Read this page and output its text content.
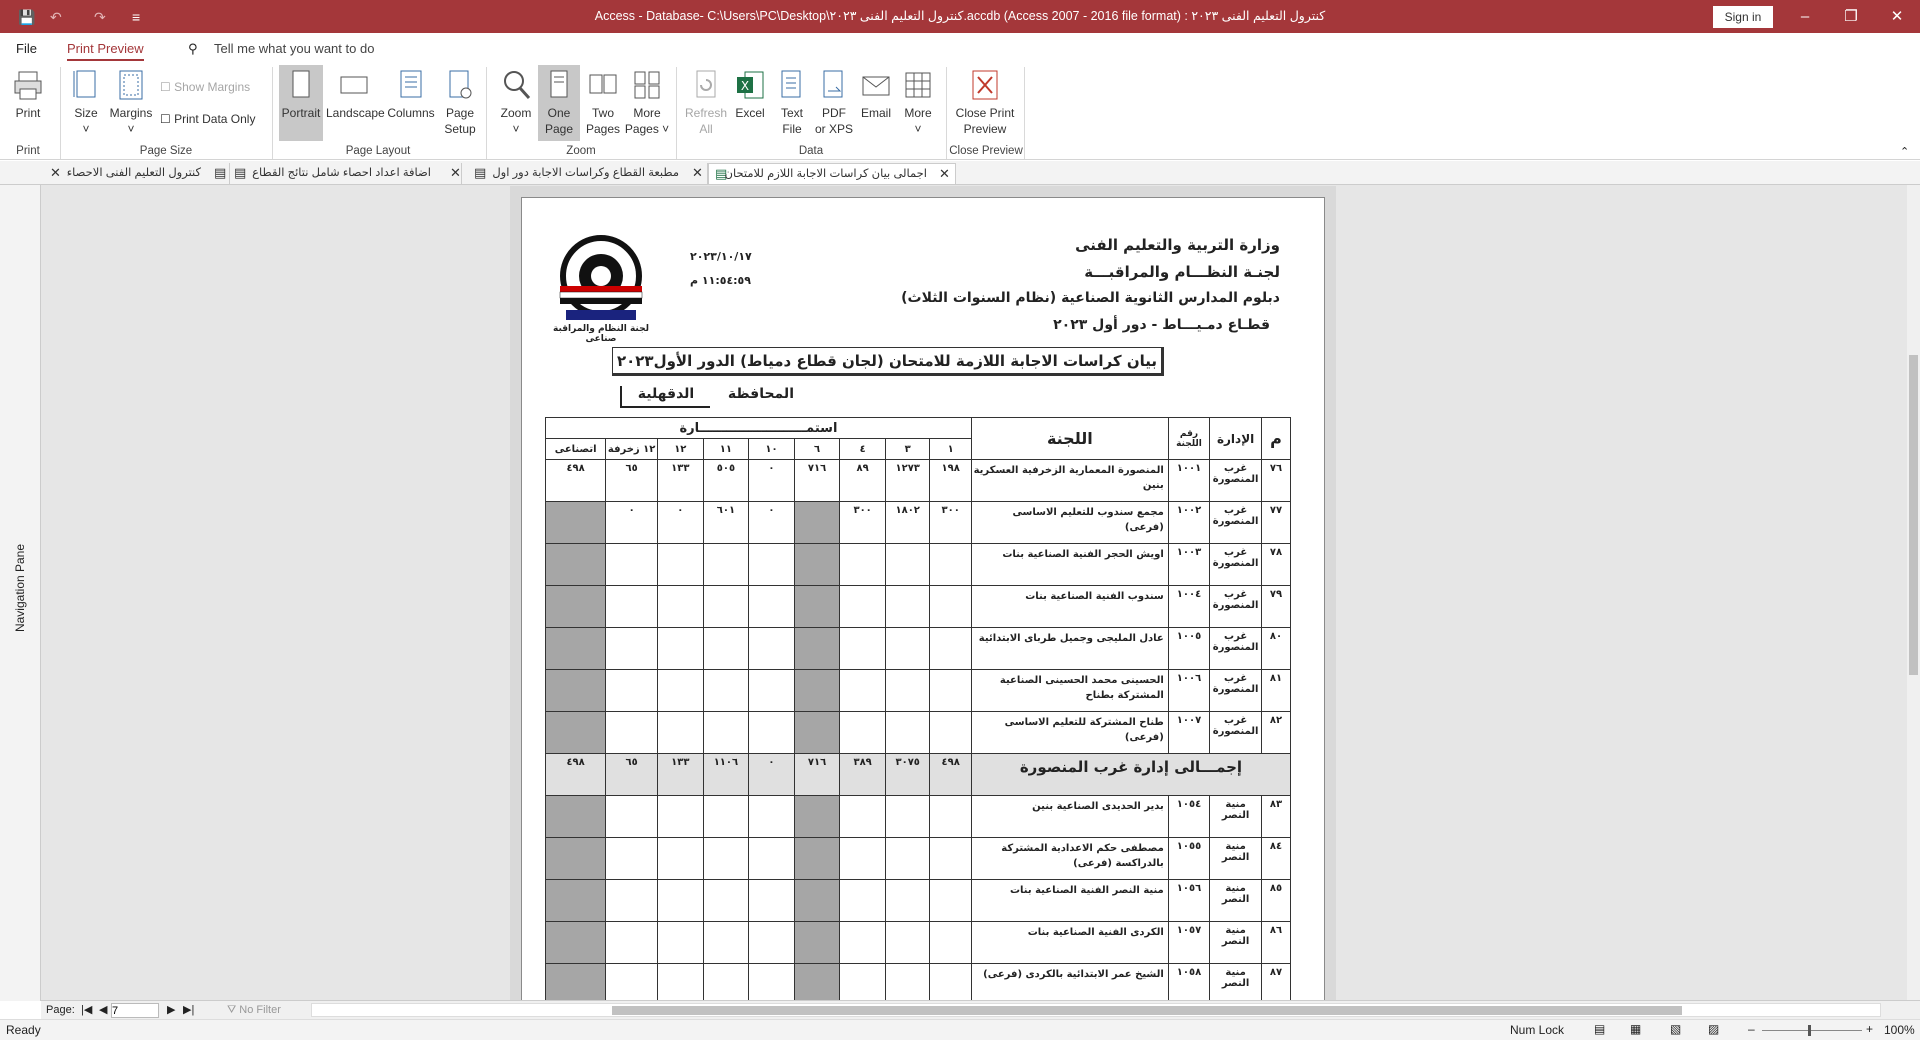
💾 ↶ ↷ ≡	Access - Database- C:\Users\PC\Desktop\كنترول التعليم الفنى ٢٠٢٣.accdb (Access 2007 - 2016 file format) : كنترول التعليم الفنى ٢٠٢٣	Sign in	–	❐	✕
File Print Preview	⚲ Tell me what you want to do
Print	Size
˅
Margins
˅
☐ Show Margins
☐ Print Data Only	Portrait Landscape Columns Page
Setup
Page Size
Print	Page Layout
Zoom
˅
One
Page
Two
Pages
More
Pages ˅
Zoom
Refresh
All
X
Excel	Text
File
PDF
or XPS
Email	More
˅
Data
Close Print
Preview
Close Preview	⌃
Navigation Pane
▤
كنترول التعليم الفنى الاحصاء
✕	▤ اضافة اعداد احصاء شامل نتائج القطاع ✕ ▤ مطبعة القطاع وكراسات الاجابة دور اول ✕ ▤
اجمالى بيان كراسات الاجابة اللازم للامتحان ✕
لجنة النظام والمراقبة صناعى
٢٠٢٣/١٠/١٧
١١:٥٤:٥٩ م
وزارة التربية والتعليم الفنى
لجنـة النظـــام والمراقبـــة
دبلوم المدارس الثانوية الصناعية (نظام السنوات الثلاث)
قطـاع دمـيـــاط - دور أول ٢٠٢٣
بيان كراسات الاجابة اللازمة للامتحان (لجان قطاع دمياط) الدور الأول٢٠٢٣
المحافظة
الدقهلية
م	الإدارة	رقم اللجنة	اللجنة	استمــــــــــــــــــــــــارة								
				١	٣	٤	٦	١٠	١١	١٢	١٢ زخرفة	اتصناعى
٧٦	غرب المنصورة	١٠٠١	المنصورة المعمارية الزخرفية العسكرية بنين	١٩٨	١٢٧٣	٨٩	٧١٦	٠	٥٠٥	١٣٣	٦٥	٤٩٨
٧٧	غرب المنصورة	١٠٠٢	مجمع سندوب للتعليم الاساسى (فرعى)	٣٠٠	١٨٠٢	٣٠٠		٠	٦٠١	٠	٠	
٧٨	غرب المنصورة	١٠٠٣	اويش الحجر الفنية الصناعية بنات									
٧٩	غرب المنصورة	١٠٠٤	سندوب الفنية الصناعية بنات									
٨٠	غرب المنصورة	١٠٠٥	عادل المليجى وجميل طرباى الابتدائية									
٨١	غرب المنصورة	١٠٠٦	الحسينى محمد الحسينى الصناعية المشتركة بطناح									
٨٢	غرب المنصورة	١٠٠٧	طناح المشتركة للتعليم الاساسى (فرعى)									
إجمـــالى إدارة غرب المنصورة				٤٩٨	٣٠٧٥	٣٨٩	٧١٦	٠	١١٠٦	١٣٣	٦٥	٤٩٨
٨٣	منية النصر	١٠٥٤	بدير الحديدى الصناعية بنين									
٨٤	منية النصر	١٠٥٥	مصطفى حكم الاعدادية المشتركة بالدراكسة (فرعى)									
٨٥	منية النصر	١٠٥٦	منية النصر الفنية الصناعية بنات									
٨٦	منية النصر	١٠٥٧	الكردى الفنية الصناعية بنات									
٨٧	منية النصر	١٠٥٨	الشيخ عمر الابتدائية بالكردى (فرعى)									
Page: |◀ ◀
7	▶ ▶|	⛛ No Filter
Ready	Num Lock ▤ ▦ ▧ ▨ –	+ 100%
